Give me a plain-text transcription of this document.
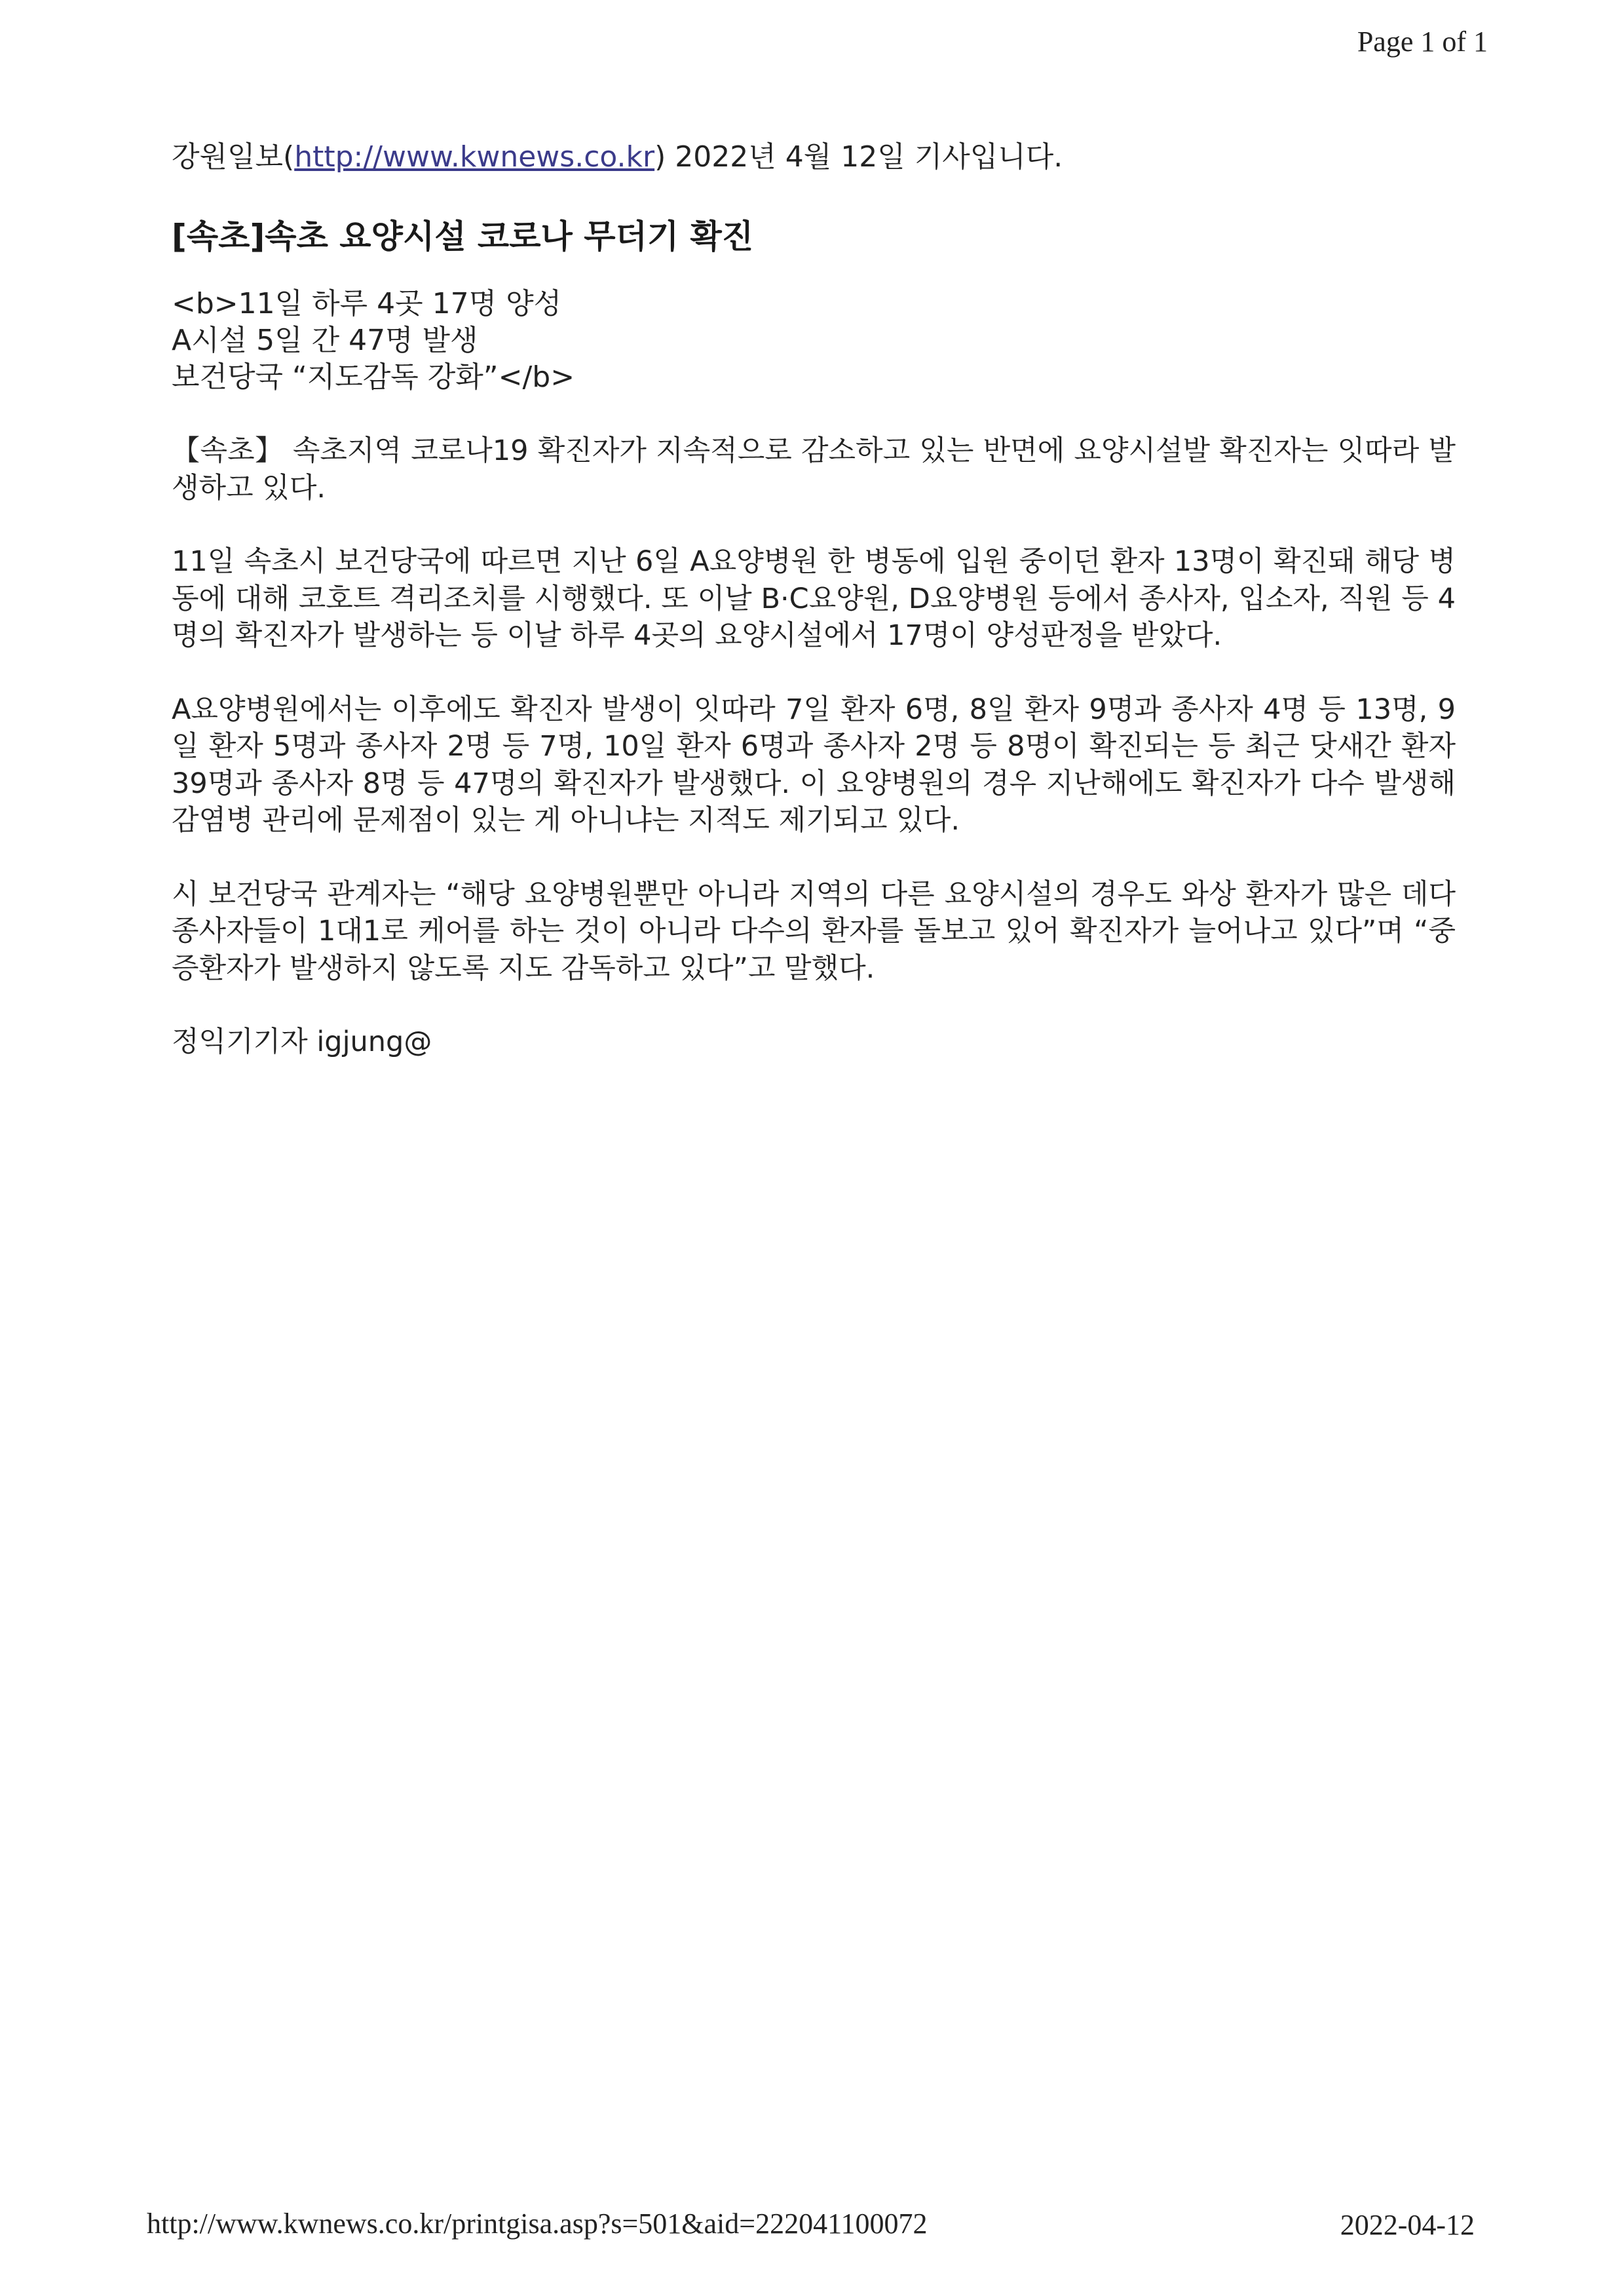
Page 1 of 1

강원일보(http://www.kwnews.co.kr) 2022년 4월 12일 기사입니다.

[속초]속초 요양시설 코로나 무더기 확진
<b>11일 하루 4곳 17명 양성
A시설 5일 간 47명 발생
보건당국 “지도감독 강화”</b>

【속초】 속초지역 코로나19 확진자가 지속적으로 감소하고 있는 반면에 요양시설발 확진자는 잇따라 발생하고 있다.

11일 속초시 보건당국에 따르면 지난 6일 A요양병원 한 병동에 입원 중이던 환자 13명이 확진돼 해당 병동에 대해 코호트 격리조치를 시행했다. 또 이날 B·C요양원, D요양병원 등에서 종사자, 입소자, 직원 등 4명의 확진자가 발생하는 등 이날 하루 4곳의 요양시설에서 17명이 양성판정을 받았다.

A요양병원에서는 이후에도 확진자 발생이 잇따라 7일 환자 6명, 8일 환자 9명과 종사자 4명 등 13명, 9일 환자 5명과 종사자 2명 등 7명, 10일 환자 6명과 종사자 2명 등 8명이 확진되는 등 최근 닷새간 환자 39명과 종사자 8명 등 47명의 확진자가 발생했다. 이 요양병원의 경우 지난해에도 확진자가 다수 발생해 감염병 관리에 문제점이 있는 게 아니냐는 지적도 제기되고 있다.

시 보건당국 관계자는 “해당 요양병원뿐만 아니라 지역의 다른 요양시설의 경우도 와상 환자가 많은 데다 종사자들이 1대1로 케어를 하는 것이 아니라 다수의 환자를 돌보고 있어 확진자가 늘어나고 있다”며 “중증환자가 발생하지 않도록 지도 감독하고 있다”고 말했다.

정익기기자 igjung@

http://www.kwnews.co.kr/printgisa.asp?s=501&aid=222041100072	2022-04-12
